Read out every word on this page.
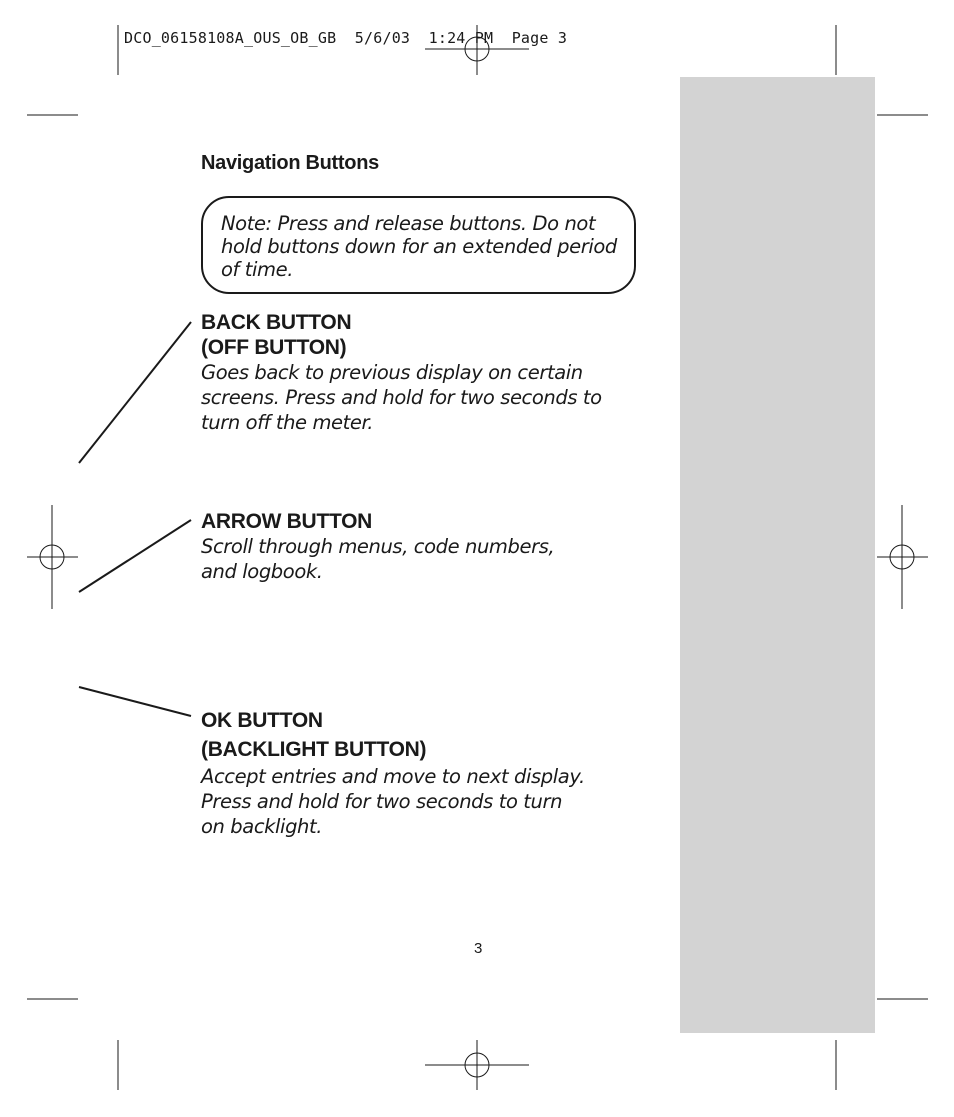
DCO_06158108A_OUS_OB_GB  5/6/03  1:24 PM  Page 3
Navigation Buttons
Note: Press and release buttons. Do not hold buttons down for an extended period of time.
BACK BUTTON
(OFF BUTTON)
Goes back to previous display on certain screens. Press and hold for two seconds to turn off the meter.
ARROW BUTTON
Scroll through menus, code numbers, and logbook.
OK BUTTON
(BACKLIGHT BUTTON)
Accept entries and move to next display. Press and hold for two seconds to turn on backlight.
3
